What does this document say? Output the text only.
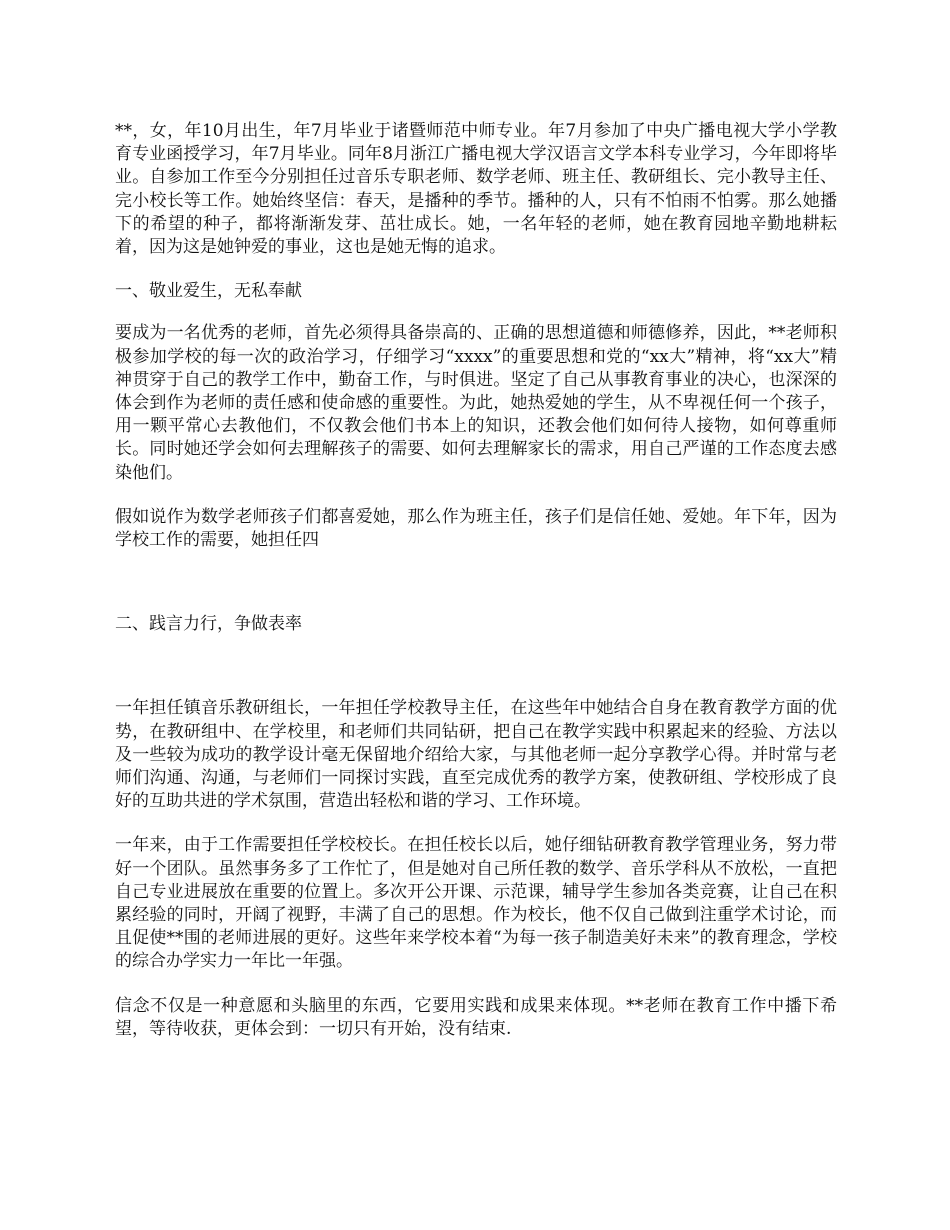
**，女，年10月出生，年7月毕业于诸暨师范中师专业。年7月参加了中央广播电视大学小学教育专业函授学习，年7月毕业。同年8月浙江广播电视大学汉语言文学本科专业学习，今年即将毕业。自参加工作至今分别担任过音乐专职老师、数学老师、班主任、教研组长、完小教导主任、完小校长等工作。她始终坚信：春天，是播种的季节。播种的人，只有不怕雨不怕雾。那么她播下的希望的种子，都将渐渐发芽、茁壮成长。她，一名年轻的老师，她在教育园地辛勤地耕耘着，因为这是她钟爱的事业，这也是她无悔的追求。

一、敬业爱生，无私奉献

要成为一名优秀的老师，首先必须得具备崇高的、正确的思想道德和师德修养，因此，**老师积极参加学校的每一次的政治学习，仔细学习“xxxx”的重要思想和党的“xx大”精神，将“xx大”精神贯穿于自己的教学工作中，勤奋工作，与时俱进。坚定了自己从事教育事业的决心，也深深的体会到作为老师的责任感和使命感的重要性。为此，她热爱她的学生，从不卑视任何一个孩子，用一颗平常心去教他们，不仅教会他们书本上的知识，还教会他们如何待人接物，如何尊重师长。同时她还学会如何去理解孩子的需要、如何去理解家长的需求，用自己严谨的工作态度去感染他们。

假如说作为数学老师孩子们都喜爱她，那么作为班主任，孩子们是信任她、爱她。年下年，因为学校工作的需要，她担任四

二、践言力行，争做表率

一年担任镇音乐教研组长，一年担任学校教导主任，在这些年中她结合自身在教育教学方面的优势，在教研组中、在学校里，和老师们共同钻研，把自己在教学实践中积累起来的经验、方法以及一些较为成功的教学设计毫无保留地介绍给大家，与其他老师一起分享教学心得。并时常与老师们沟通、沟通，与老师们一同探讨实践，直至完成优秀的教学方案，使教研组、学校形成了良好的互助共进的学术氛围，营造出轻松和谐的学习、工作环境。

一年来，由于工作需要担任学校校长。在担任校长以后，她仔细钻研教育教学管理业务，努力带好一个团队。虽然事务多了工作忙了，但是她对自己所任教的数学、音乐学科从不放松，一直把自己专业进展放在重要的位置上。多次开公开课、示范课，辅导学生参加各类竞赛，让自己在积累经验的同时，开阔了视野，丰满了自己的思想。作为校长，他不仅自己做到注重学术讨论，而且促使**围的老师进展的更好。这些年来学校本着“为每一孩子制造美好未来”的教育理念，学校的综合办学实力一年比一年强。

信念不仅是一种意愿和头脑里的东西，它要用实践和成果来体现。**老师在教育工作中播下希望，等待收获，更体会到：一切只有开始，没有结束.
